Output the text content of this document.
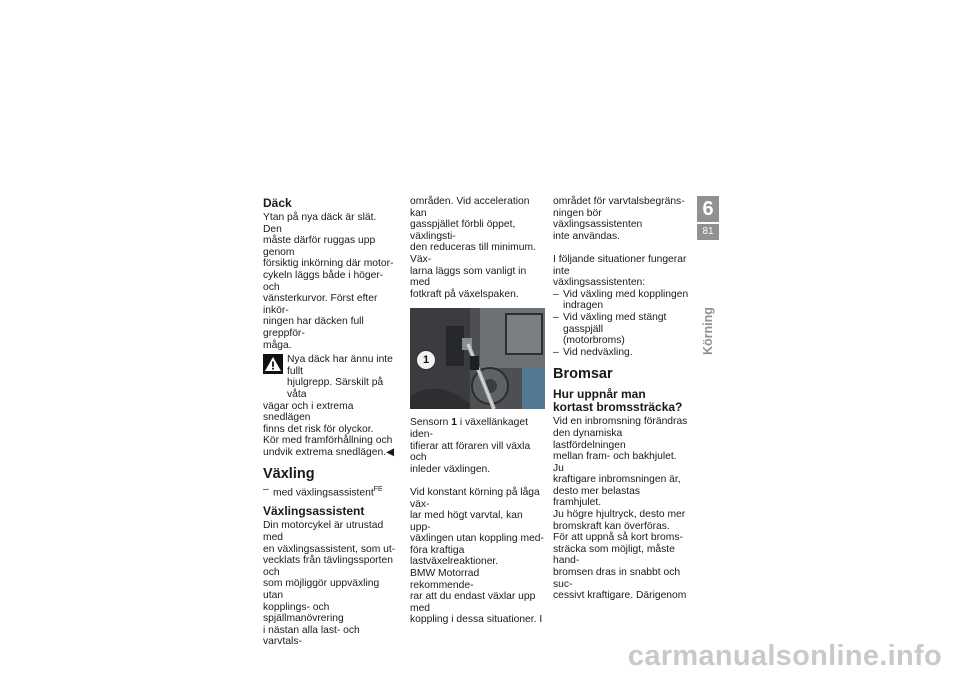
Däck

Ytan på nya däck är slät. Den
måste därför ruggas upp genom
försiktig inkörning där motor-
cykeln läggs både i höger- och
vänsterkurvor. Först efter inkör-
ningen har däcken full greppför-
måga.

Nya däck har ännu inte fullt
hjulgrepp. Särskilt på våta

vägar och i extrema snedlägen
finns det risk för olyckor.
Kör med framförhållning och
undvik extrema snedlägen.◀

Växling

– med växlingsassistent$^{FE}$

Växlingsassistent

Din motorcykel är utrustad med
en växlingsassistent, som ut-
vecklats från tävlingssporten och
som möjliggör uppväxling utan
kopplings- och spjällmanövrering
i nästan alla last- och varvtals-

områden. Vid acceleration kan
gasspjället förbli öppet, växlingsti-
den reduceras till minimum. Väx-
larna läggs som vanligt in med
fotkraft på växelspaken.

1

Sensorn 1 i växellänkaget iden-
tifierar att föraren vill växla och
inleder växlingen.

Vid konstant körning på låga väx-
lar med högt varvtal, kan upp-
växlingen utan koppling med-
föra kraftiga lastväxelreaktioner.
BMW Motorrad rekommende-
rar att du endast växlar upp med
koppling i dessa situationer. I

området för varvtalsbegräns-
ningen bör växlingsassistenten
inte användas.

I följande situationer fungerar inte
växlingsassistenten:

– Vid växling med kopplingen
indragen

– Vid växling med stängt gasspjäll
(motorbroms)

– Vid nedväxling.

Bromsar
Hur uppnår man kortast bromssträcka?

Vid en inbromsning förändras
den dynamiska lastfördelningen
mellan fram- och bakhjulet. Ju
kraftigare inbromsningen är,
desto mer belastas framhjulet.
Ju högre hjultryck, desto mer
bromskraft kan överföras.
För att uppnå så kort broms-
sträcka som möjligt, måste hand-
bromsen dras in snabbt och suc-
cessivt kraftigare. Därigenom

6
81
Körning
carmanualsonline.info
